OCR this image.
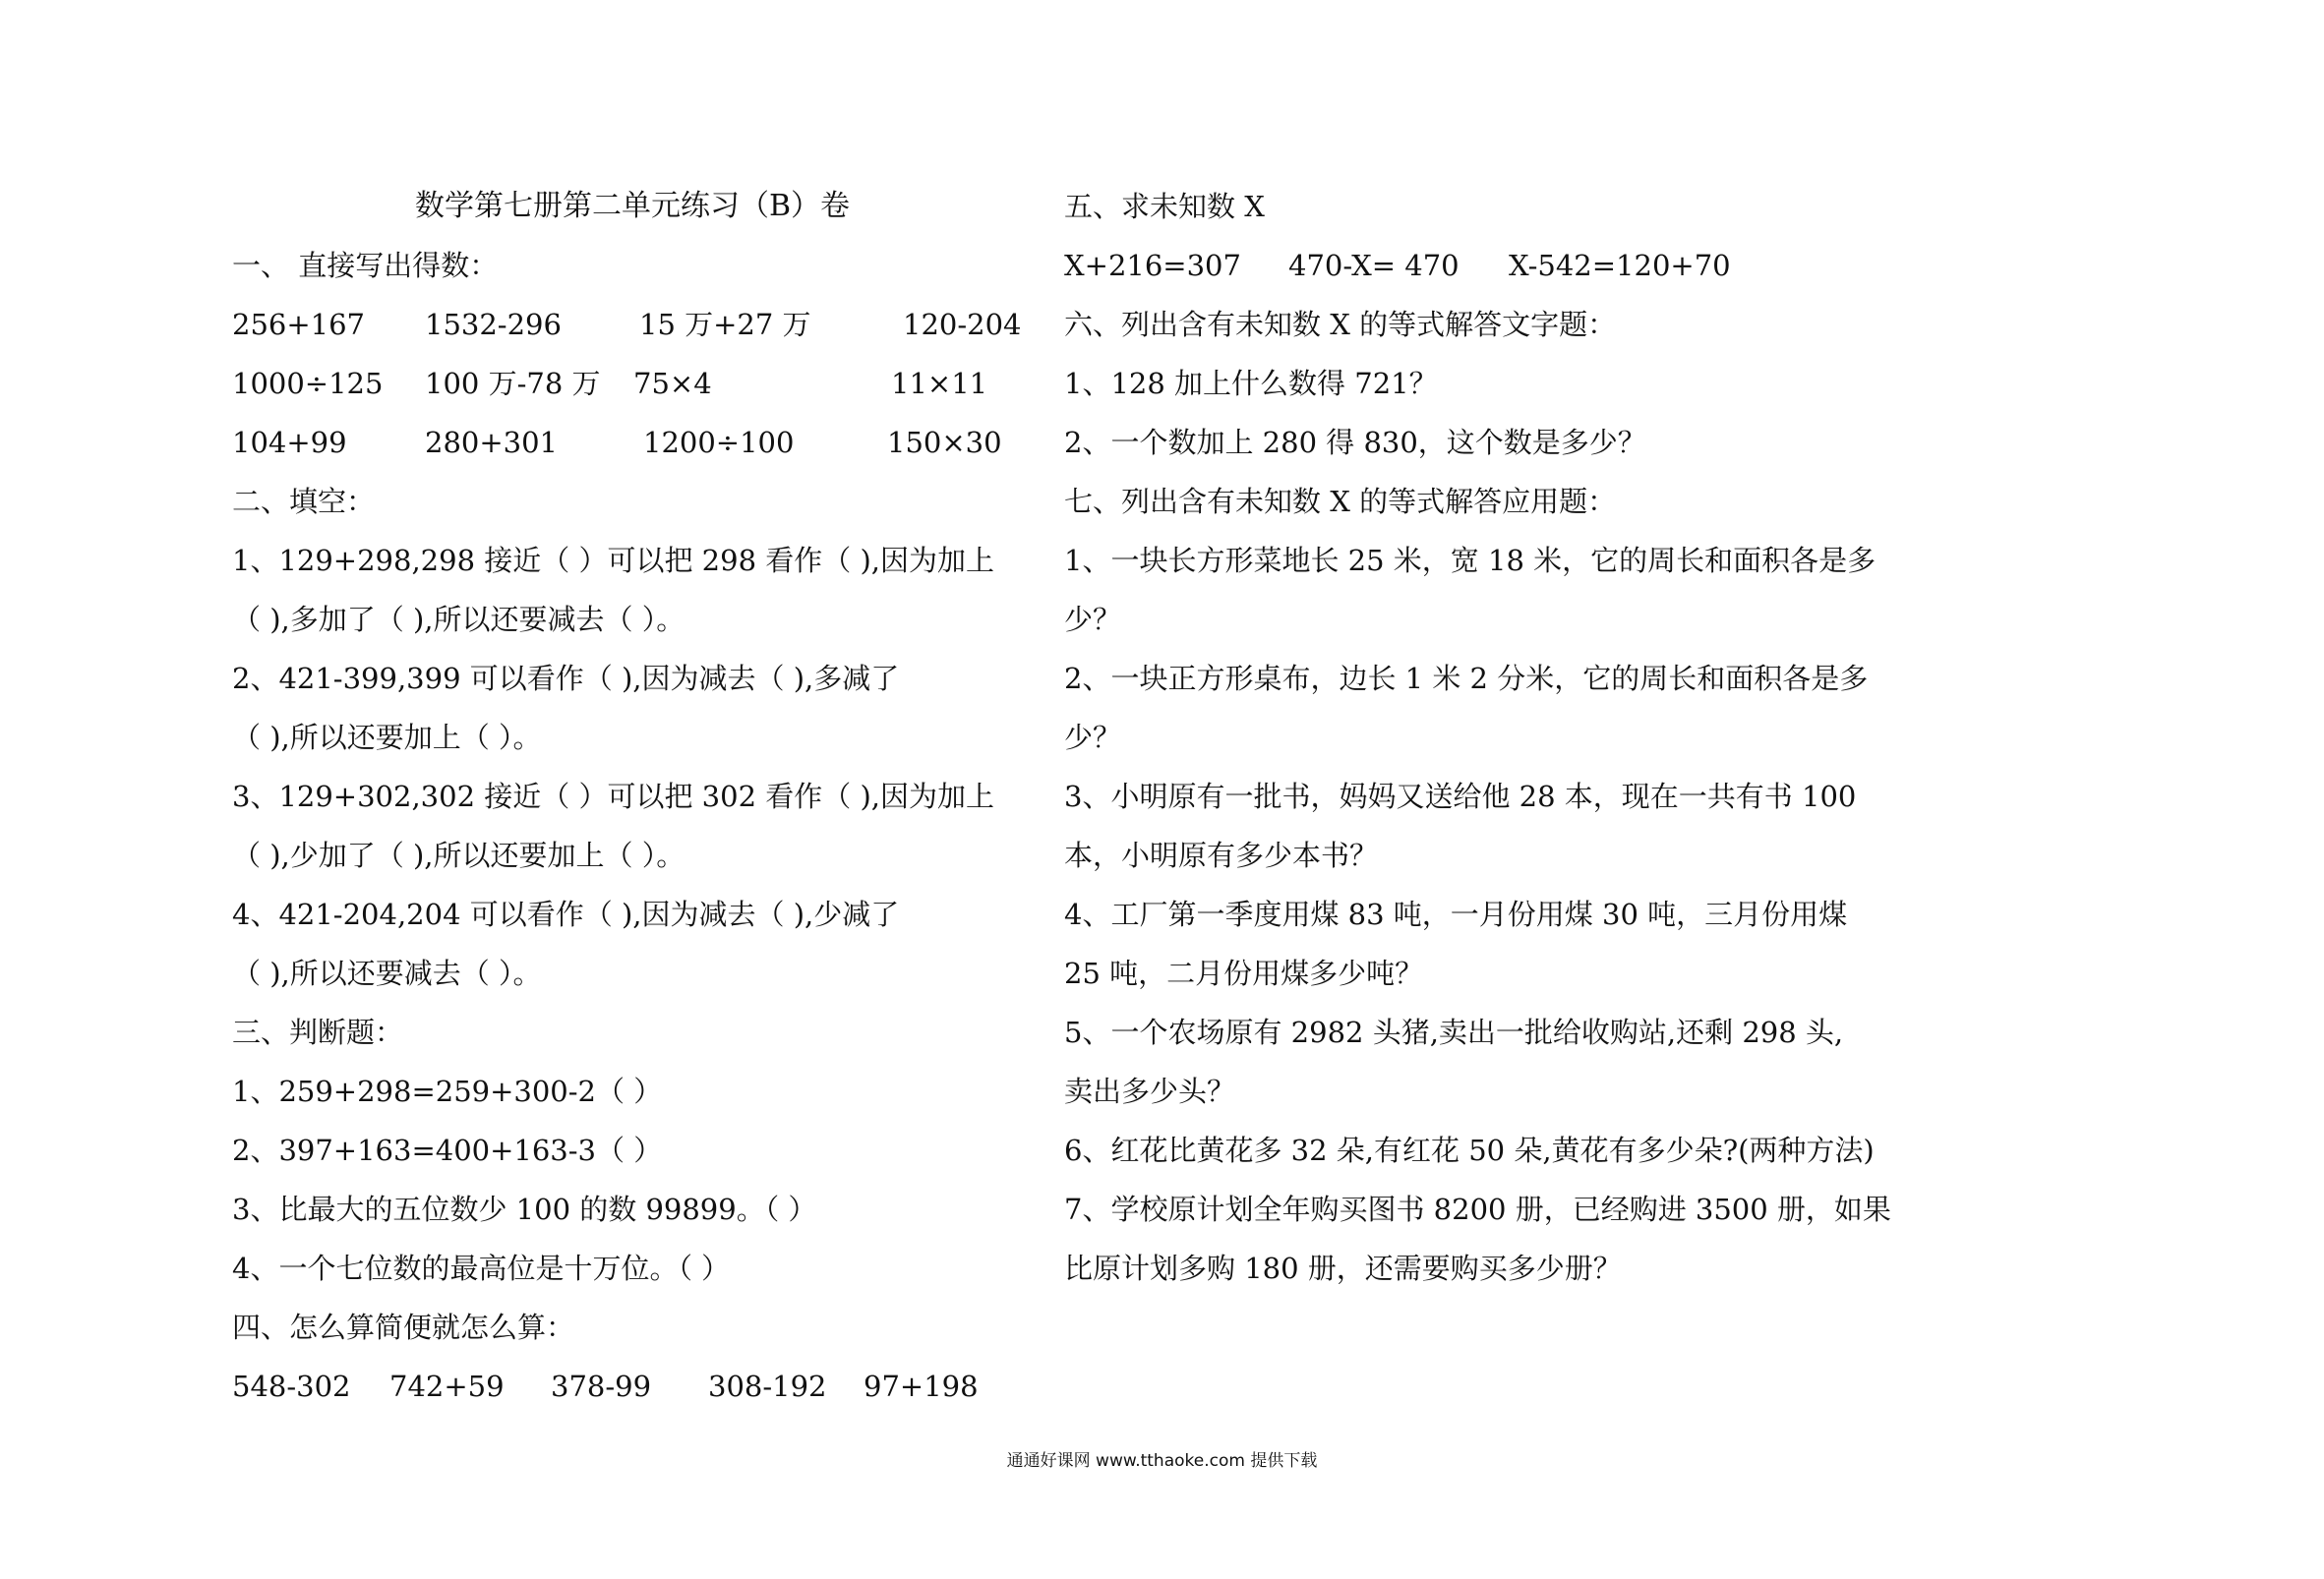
数学第七册第二单元练习（B）卷
一、 直接写出得数：
256+167 1532-296	15 万+27 万	120-204
1000÷125 100 万-78 万 75×4	11×11
104+99	280+301	1200÷100	150×30
二、填空：
1、129+298,298 接近（ ）可以把 298 看作（ ),因为加上
（ ),多加了（ ),所以还要减去（ ）。
2、421-399,399 可以看作（ ),因为减去（ ),多减了
（ ),所以还要加上（ ）。
3、129+302,302 接近（ ）可以把 302 看作（ ),因为加上
（ ),少加了（ ),所以还要加上（ ）。
4、421-204,204 可以看作（ ),因为减去（ ),少减了
（ ),所以还要减去（ ）。
三、判断题：
1、259+298=259+300-2（ ）
2、397+163=400+163-3（ ）
3、比最大的五位数少 100 的数 99899。（ ）
4、一个七位数的最高位是十万位。（ ）
四、怎么算简便就怎么算：
548-302 742+59 378-99 308-192 97+198
五、求未知数 X
X+216=307 470-X= 470 X-542=120+70
六、列出含有未知数 X 的等式解答文字题：
1、128 加上什么数得 721？
2、一个数加上 280 得 830，这个数是多少？
七、列出含有未知数 X 的等式解答应用题：
1、一块长方形菜地长 25 米，宽 18 米，它的周长和面积各是多
少？
2、一块正方形桌布，边长 1 米 2 分米，它的周长和面积各是多
少？
3、小明原有一批书，妈妈又送给他 28 本，现在一共有书 100
本，小明原有多少本书？
4、工厂第一季度用煤 83 吨，一月份用煤 30 吨，三月份用煤
25 吨，二月份用煤多少吨？
5、一个农场原有 2982 头猪,卖出一批给收购站,还剩 298 头,
卖出多少头？
6、红花比黄花多 32 朵,有红花 50 朵,黄花有多少朵?(两种方法)
7、学校原计划全年购买图书 8200 册，已经购进 3500 册，如果
比原计划多购 180 册，还需要购买多少册？
通通好课网 www.tthaoke.com 提供下载
